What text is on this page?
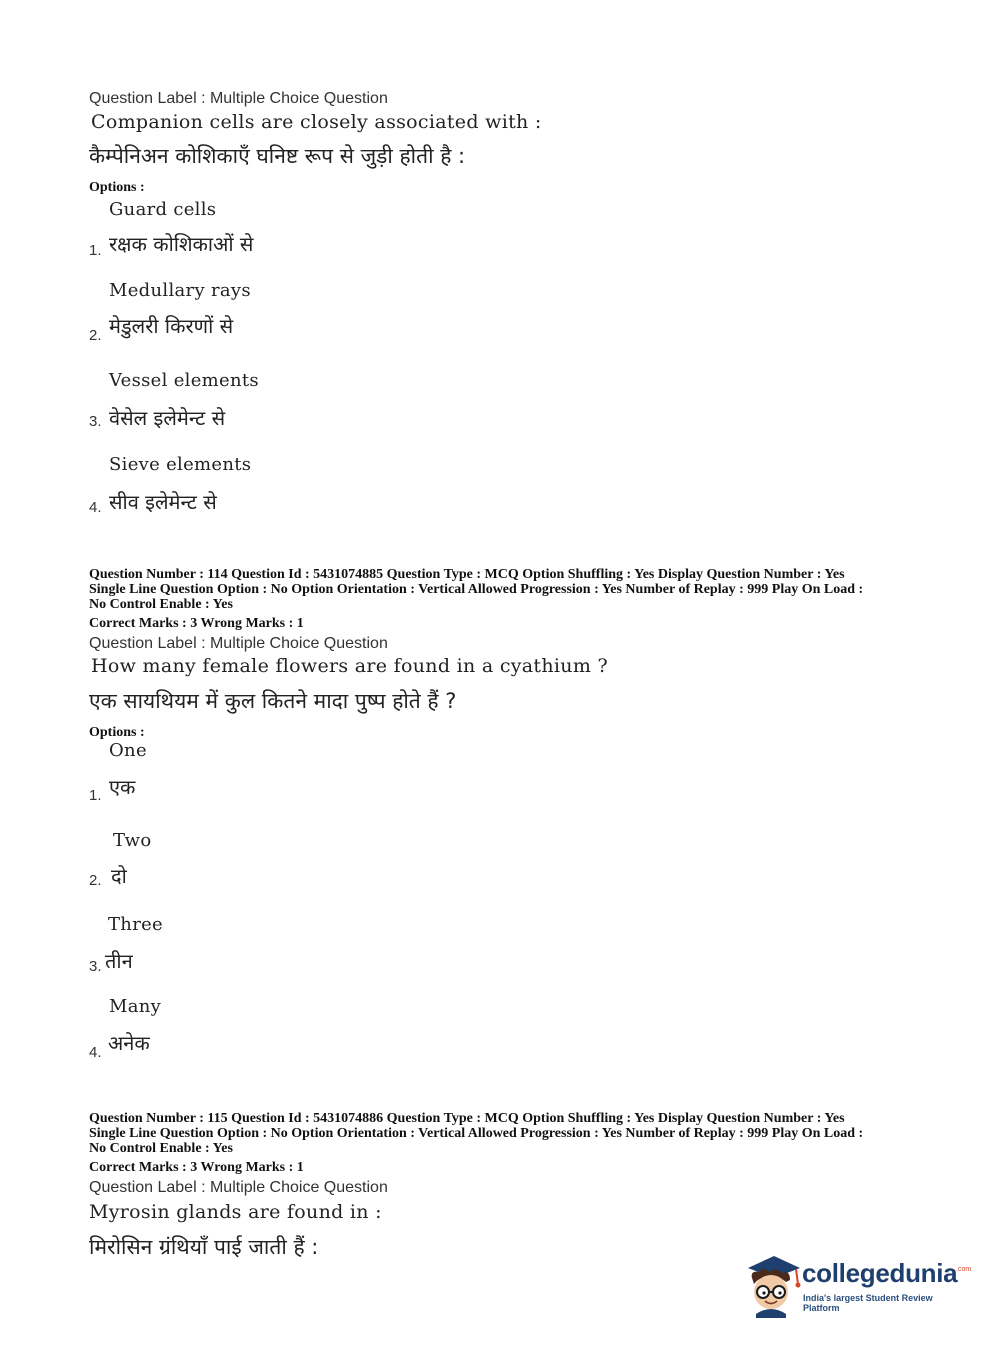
Question Label : Multiple Choice Question
Companion cells are closely associated with :
कैम्पेनिअन कोशिकाएँ घनिष्ट रूप से जुड़ी होती है :
Options :
Guard cells
1. रक्षक कोशिकाओं से
Medullary rays
2. मेडुलरी किरणों से
Vessel elements
3. वेसेल इलेमेन्ट से
Sieve elements
4. सीव इलेमेन्ट से
Question Number : 114 Question Id : 5431074885 Question Type : MCQ Option Shuffling : Yes Display Question Number : Yes
Single Line Question Option : No Option Orientation : Vertical Allowed Progression : Yes Number of Replay : 999 Play On Load :
No Control Enable : Yes
Correct Marks : 3 Wrong Marks : 1
Question Label : Multiple Choice Question
How many female flowers are found in a cyathium ?
एक सायथियम में कुल कितने मादा पुष्प होते हैं ?
Options :
One
1. एक
Two
2. दो
Three
3. तीन
Many
4. अनेक
Question Number : 115 Question Id : 5431074886 Question Type : MCQ Option Shuffling : Yes Display Question Number : Yes
Single Line Question Option : No Option Orientation : Vertical Allowed Progression : Yes Number of Replay : 999 Play On Load :
No Control Enable : Yes
Correct Marks : 3 Wrong Marks : 1
Question Label : Multiple Choice Question
Myrosin glands are found in :
मिरोसिन ग्रंथियाँ पाई जाती हैं :
collegedunia
.com
India's largest Student Review Platform
